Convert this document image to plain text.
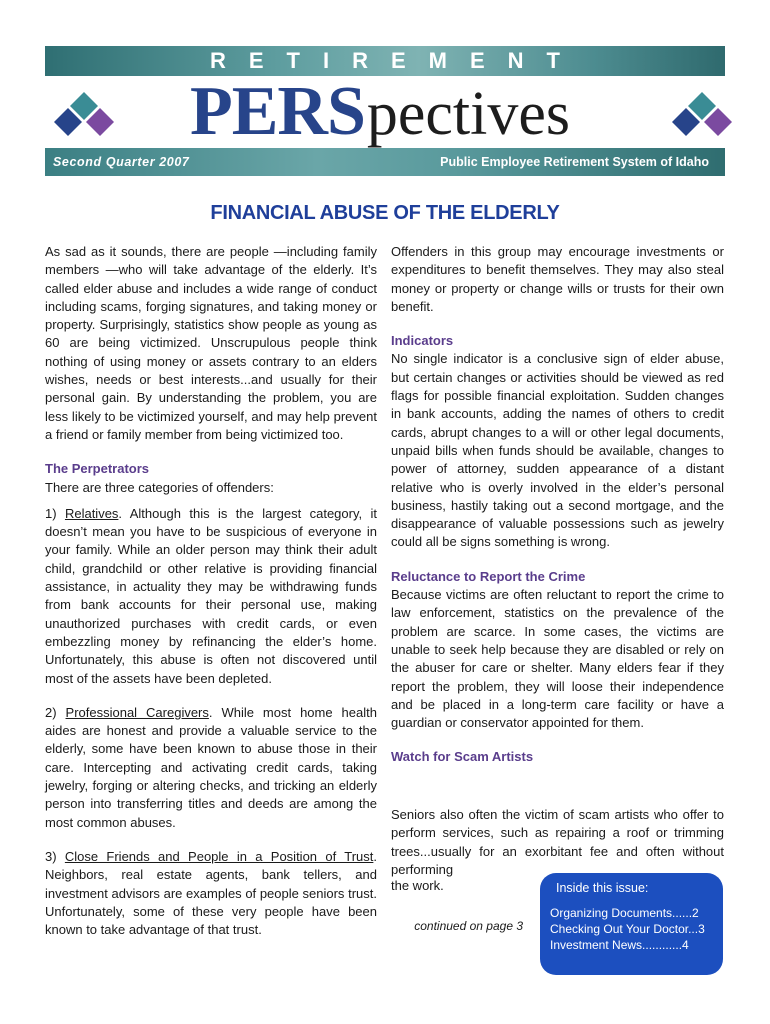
RETIREMENT
PERS pectives
Second Quarter 2007	Public Employee Retirement System of Idaho
FINANCIAL ABUSE OF THE ELDERLY

As sad as it sounds, there are people —including family members —who will take advantage of the elderly. It’s called elder abuse and includes a wide range of conduct including scams, forging signatures, and taking money or property. Surprisingly, statistics show people as young as 60 are being victimized. Unscrupulous people think nothing of using money or assets contrary to an elders wishes, needs or best interests...and usually for their personal gain. By understanding the problem, you are less likely to be victimized yourself, and may help prevent a friend or family member from being victimized too.

The Perpetrators

There are three categories of offenders:

1) Relatives. Although this is the largest category, it doesn’t mean you have to be suspicious of everyone in your family. While an older person may think their adult child, grandchild or other relative is providing financial assistance, in actuality they may be withdrawing funds from bank accounts for their personal use, making unauthorized purchases with credit cards, or even embezzling money by refinancing the elder’s home. Unfortunately, this abuse is often not discovered until most of the assets have been depleted.

2) Professional Caregivers. While most home health aides are honest and provide a valuable service to the elderly, some have been known to abuse those in their care. Intercepting and activating credit cards, taking jewelry, forging or altering checks, and tricking an elderly person into transferring titles and deeds are among the most common abuses.

3) Close Friends and People in a Position of Trust. Neighbors, real estate agents, bank tellers, and investment advisors are examples of people seniors trust. Unfortunately, some of these very people have been known to take advantage of that trust.

Offenders in this group may encourage investments or expenditures to benefit themselves. They may also steal money or property or change wills or trusts for their own benefit.

Indicators

No single indicator is a conclusive sign of elder abuse, but certain changes or activities should be viewed as red flags for possible financial exploitation. Sudden changes in bank accounts, adding the names of others to credit cards, abrupt changes to a will or other legal documents, unpaid bills when funds should be available, changes to power of attorney, sudden appearance of a distant relative who is overly involved in the elder’s personal business, hastily taking out a second mortgage, and the disappearance of valuable possessions such as jewelry could all be signs something is wrong.

Reluctance to Report the Crime

Because victims are often reluctant to report the crime to law enforcement, statistics on the prevalence of the problem are scarce. In some cases, the victims are unable to seek help because they are disabled or rely on the abuser for care or shelter. Many elders fear if they report the problem, they will loose their independence and be placed in a long-term care facility or have a guardian or conservator appointed for them.

Watch for Scam Artists
Seniors also often the victim of scam artists who offer to perform services, such as repairing a roof or trimming trees...usually for an exorbitant fee and often without performing
the work.
continued on page 3
Inside this issue:
Organizing Documents......2
Checking Out Your Doctor...3
Investment News............4
